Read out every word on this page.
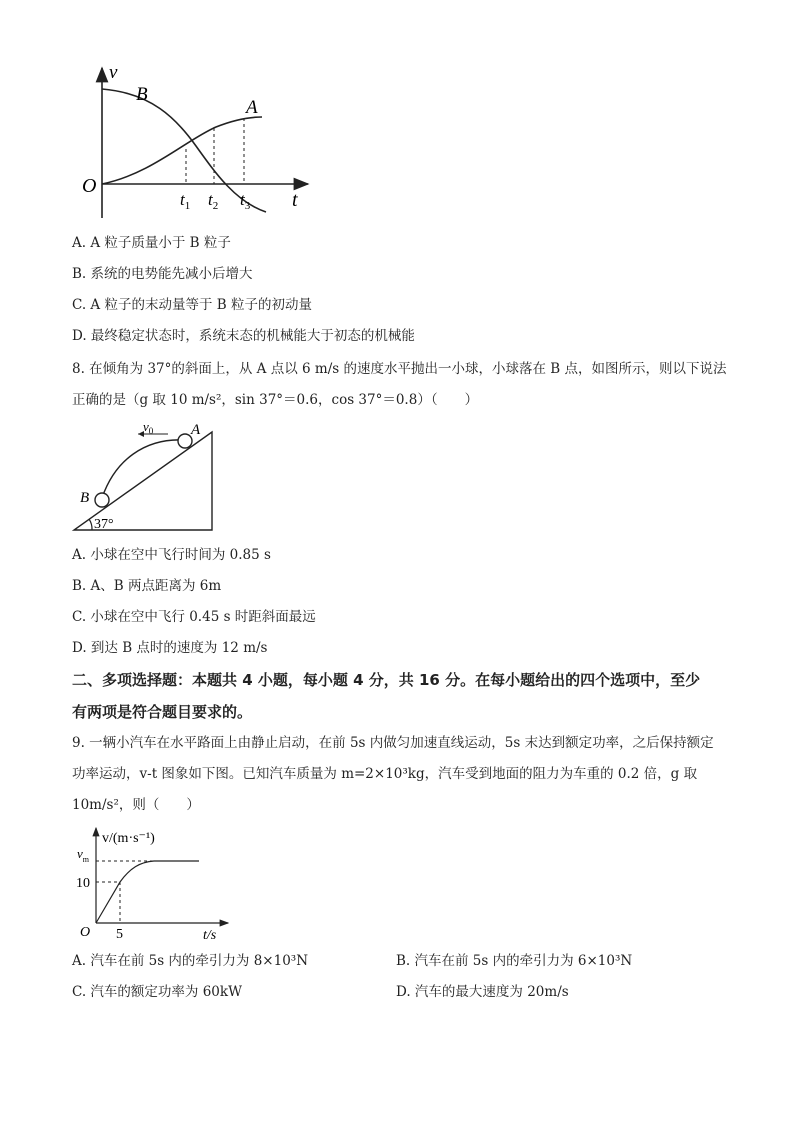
v
B
A
O
t
$t_1$ $t_2$ $t_3$
A. A 粒子质量小于 B 粒子
B. 系统的电势能先减小后增大
C. A 粒子的末动量等于 B 粒子的初动量
D. 最终稳定状态时，系统末态的机械能大于初态的机械能
8. 在倾角为 37°的斜面上，从 A 点以 6 m/s 的速度水平抛出一小球，小球落在 B 点，如图所示，则以下说法
正确的是（g 取 10 m/s²，sin 37°＝0.6，cos 37°＝0.8）（　　）
$v_0$	A
B
37°
A. 小球在空中飞行时间为 0.85 s
B. A、B 两点距离为 6m
C. 小球在空中飞行 0.45 s 时距斜面最远
D. 到达 B 点时的速度为 12 m/s
二、多项选择题：本题共 4 小题，每小题 4 分，共 16 分。在每小题给出的四个选项中，至少
有两项是符合题目要求的。
9. 一辆小汽车在水平路面上由静止启动，在前 5s 内做匀加速直线运动，5s 末达到额定功率，之后保持额定
功率运动，v-t 图象如下图。已知汽车质量为 m=2×10³kg，汽车受到地面的阻力为车重的 0.2 倍，g 取
10m/s²，则（　　）
v/(m·s⁻¹)
$v_m$
10
O 5	t/s
A. 汽车在前 5s 内的牵引力为 8×10³N	B. 汽车在前 5s 内的牵引力为 6×10³N
C. 汽车的额定功率为 60kW	D. 汽车的最大速度为 20m/s
